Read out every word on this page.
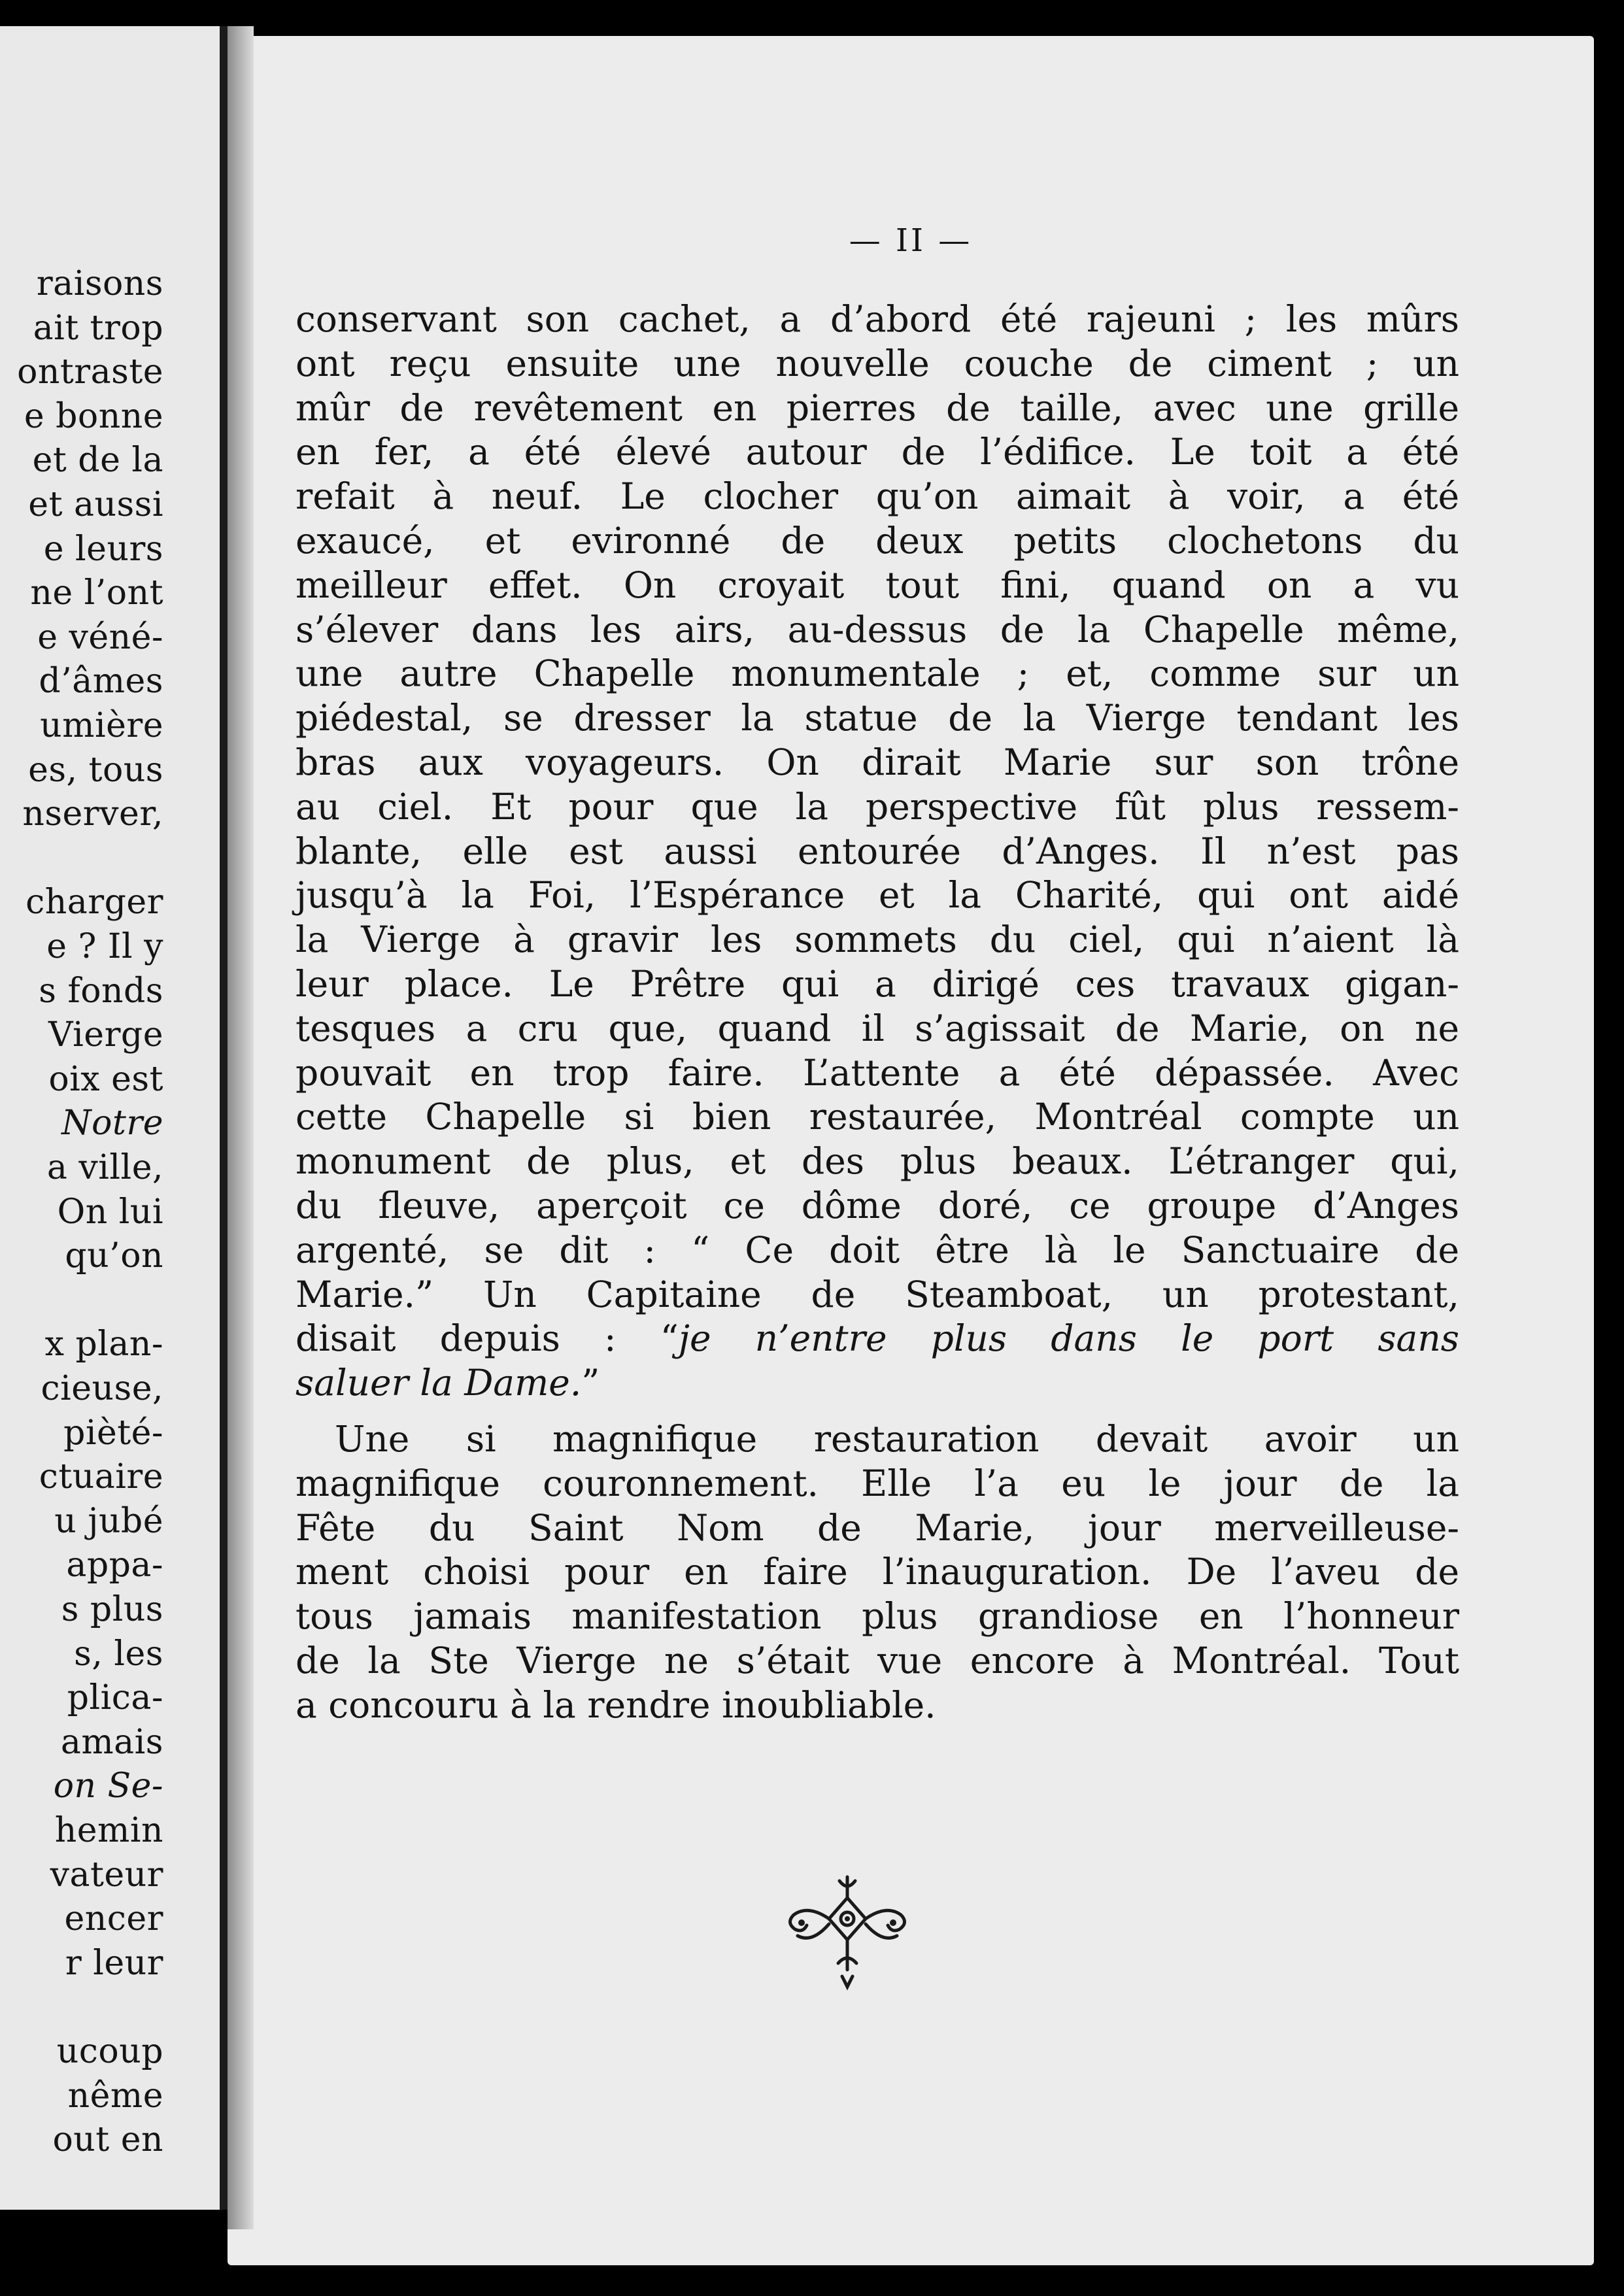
raisons
ait trop
ontraste
e bonne
et de la
et aussi
e leurs
ne l’ont
e véné-
d’âmes
umière
es, tous
nserver,
charger
e ? Il y
s fonds
Vierge
oix est
Notre
a ville,
On lui
qu’on
x plan-
cieuse,
pièté-
ctuaire
u jubé
appa-
s plus
s, les
plica-
amais
on Se-
hemin
vateur
encer
r leur
ucoup
nême
out en
— II —
conservant son cachet, a d’abord été rajeuni ; les mûrs
ont reçu ensuite une nouvelle couche de ciment ; un
mûr de revêtement en pierres de taille, avec une grille
en fer, a été élevé autour de l’édifice. Le toit a été
refait à neuf. Le clocher qu’on aimait à voir, a été
exaucé, et evironné de deux petits clochetons du
meilleur effet. On croyait tout fini, quand on a vu
s’élever dans les airs, au-dessus de la Chapelle même,
une autre Chapelle monumentale ; et, comme sur un
piédestal, se dresser la statue de la Vierge tendant les
bras aux voyageurs. On dirait Marie sur son trône
au ciel. Et pour que la perspective fût plus ressem-
blante, elle est aussi entourée d’Anges. Il n’est pas
jusqu’à la Foi, l’Espérance et la Charité, qui ont aidé
la Vierge à gravir les sommets du ciel, qui n’aient là
leur place. Le Prêtre qui a dirigé ces travaux gigan-
tesques a cru que, quand il s’agissait de Marie, on ne
pouvait en trop faire. L’attente a été dépassée. Avec
cette Chapelle si bien restaurée, Montréal compte un
monument de plus, et des plus beaux. L’étranger qui,
du fleuve, aperçoit ce dôme doré, ce groupe d’Anges
argenté, se dit : “ Ce doit être là le Sanctuaire de
Marie.” Un Capitaine de Steamboat, un protestant,
disait depuis : “je n’entre plus dans le port sans
saluer la Dame.”
Une si magnifique restauration devait avoir un
magnifique couronnement. Elle l’a eu le jour de la
Fête du Saint Nom de Marie, jour merveilleuse-
ment choisi pour en faire l’inauguration. De l’aveu de
tous jamais manifestation plus grandiose en l’honneur
de la Ste Vierge ne s’était vue encore à Montréal. Tout
a concouru à la rendre inoubliable.
